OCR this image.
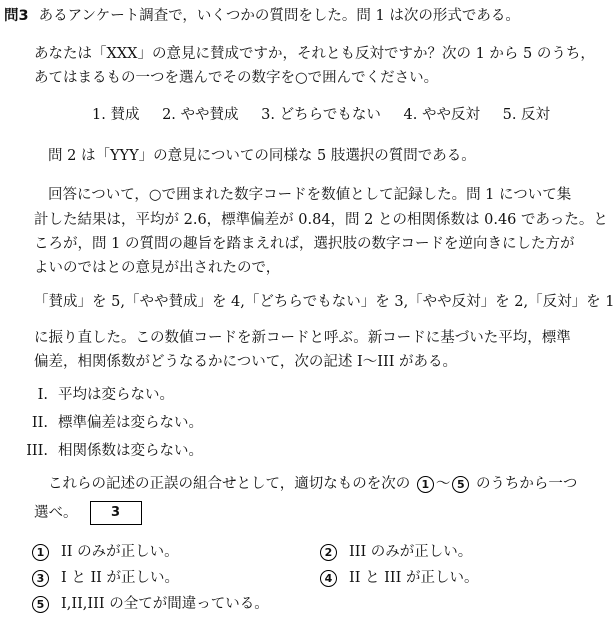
問3 あるアンケート調査で，いくつかの質問をした。問 1 は次の形式である。
あなたは「XXX」の意見に賛成ですか，それとも反対ですか？次の 1 から 5 のうち，
あてはまるもの一つを選んでその数字を○で囲んでください。
1. 賛成 2. やや賛成 3. どちらでもない 4. やや反対 5. 反対
問 2 は「YYY」の意見についての同様な 5 肢選択の質問である。
回答について，○で囲まれた数字コードを数値として記録した。問 1 について集
計した結果は，平均が 2.6，標準偏差が 0.84，問 2 との相関係数は 0.46 であった。と
ころが，問 1 の質問の趣旨を踏まえれば，選択肢の数字コードを逆向きにした方が
よいのではとの意見が出されたので，
「賛成」を 5,「やや賛成」を 4,「どちらでもない」を 3,「やや反対」を 2,「反対」を 1
に振り直した。この数値コードを新コードと呼ぶ。新コードに基づいた平均，標準
偏差，相関係数がどうなるかについて，次の記述 I〜III がある。
I. 平均は変らない。
II. 標準偏差は変らない。
III. 相関係数は変らない。
これらの記述の正誤の組合せとして，適切なものを次の 1 〜 5 のうちから一つ
選べ。	3
1 II のみが正しい。	2 III のみが正しい。
3 I と II が正しい。	4 II と III が正しい。
5 I,II,III の全てが間違っている。
